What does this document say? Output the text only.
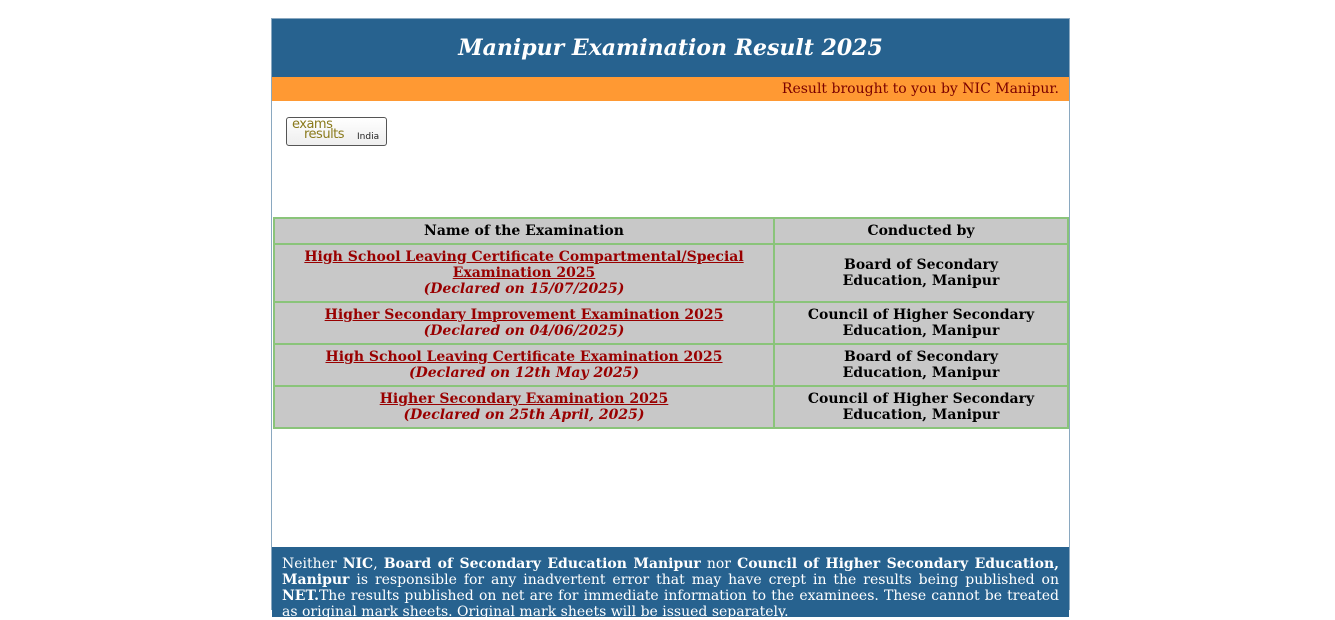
Manipur Examination Result 2025
Result brought to you by NIC Manipur.
exams
results India
Name of the Examination	Conducted by
High School Leaving Certificate Compartmental/Special Examination 2025
(Declared on 15/07/2025)	Board of Secondary Education, Manipur
Higher Secondary Improvement Examination 2025
(Declared on 04/06/2025)	Council of Higher Secondary Education, Manipur
High School Leaving Certificate Examination 2025
(Declared on 12th May 2025)	Board of Secondary Education, Manipur
Higher Secondary Examination 2025
(Declared on 25th April, 2025)	Council of Higher Secondary Education, Manipur
Neither NIC, Board of Secondary Education Manipur nor Council of Higher Secondary Education, Manipur is responsible for any inadvertent error that may have crept in the results being published on NET.The results published on net are for immediate information to the examinees. These cannot be treated as original mark sheets. Original mark sheets will be issued separately.
